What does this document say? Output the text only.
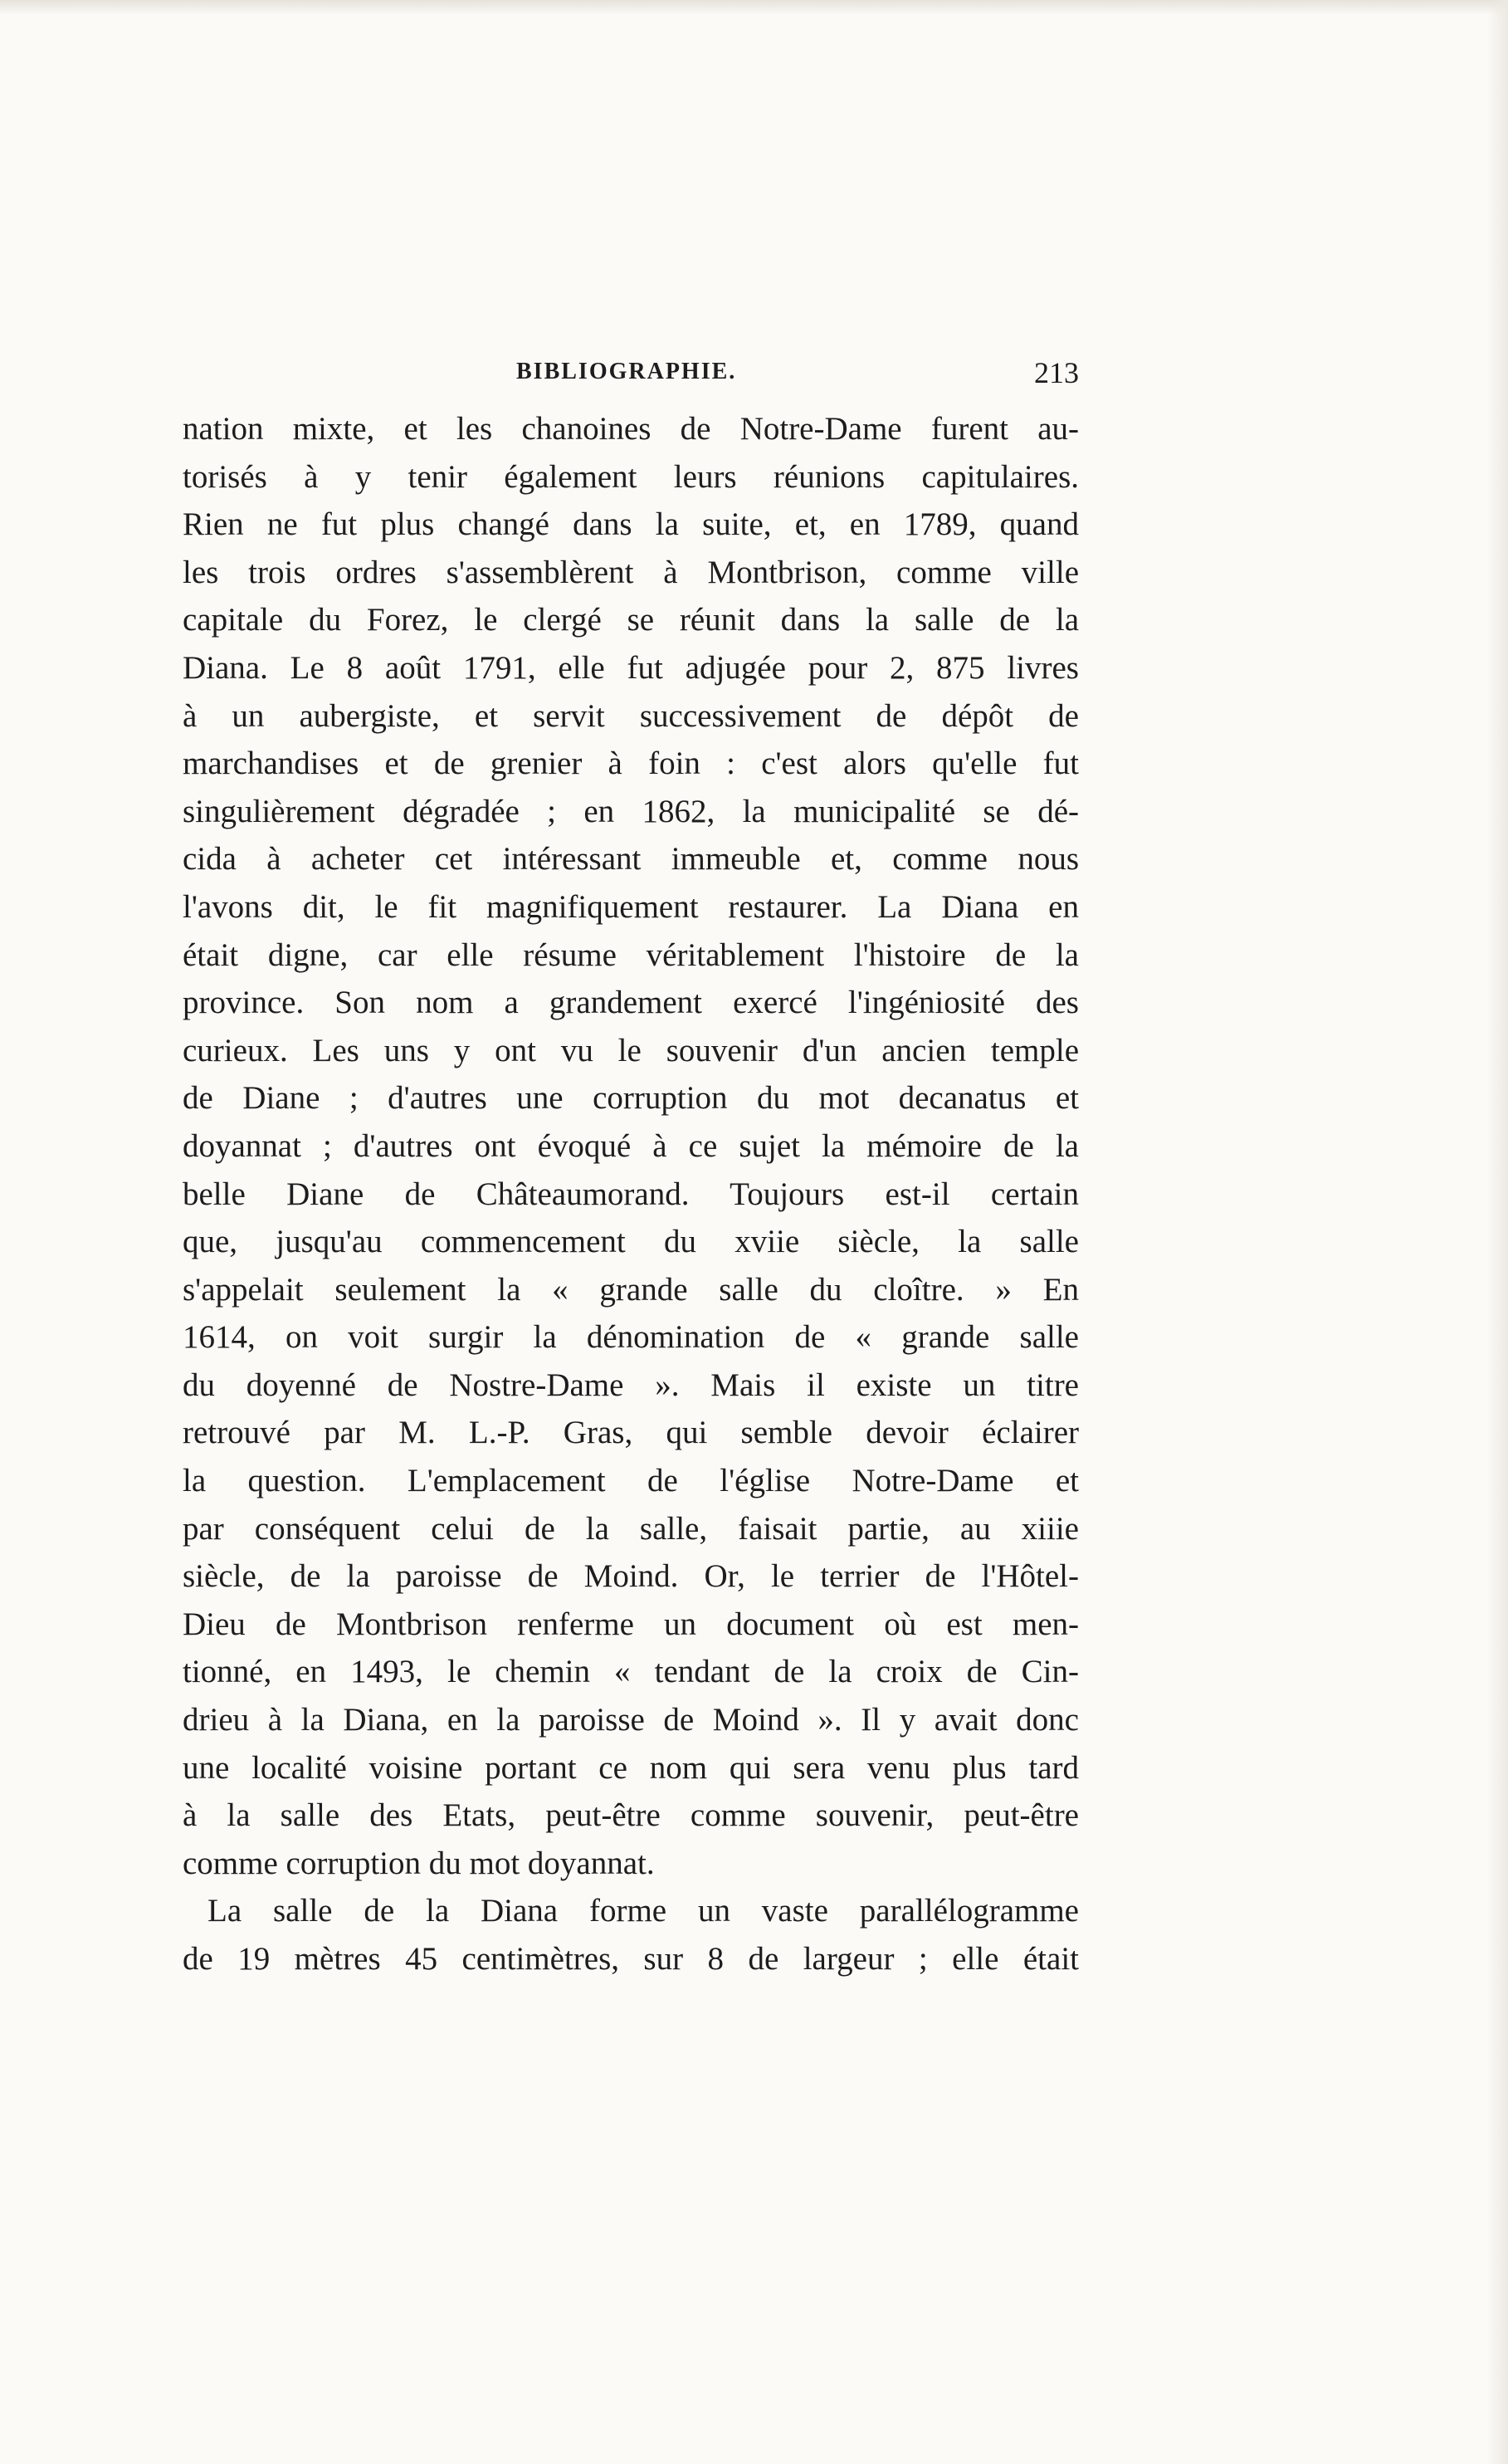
BIBLIOGRAPHIE.	213
nation mixte, et les chanoines de Notre-Dame furent au-
torisés à y tenir également leurs réunions capitulaires.
Rien ne fut plus changé dans la suite, et, en 1789, quand
les trois ordres s'assemblèrent à Montbrison, comme ville
capitale du Forez, le clergé se réunit dans la salle de la
Diana. Le 8 août 1791, elle fut adjugée pour 2, 875 livres
à un aubergiste, et servit successivement de dépôt de
marchandises et de grenier à foin : c'est alors qu'elle fut
singulièrement dégradée ; en 1862, la municipalité se dé-
cida à acheter cet intéressant immeuble et, comme nous
l'avons dit, le fit magnifiquement restaurer. La Diana en
était digne, car elle résume véritablement l'histoire de la
province. Son nom a grandement exercé l'ingéniosité des
curieux. Les uns y ont vu le souvenir d'un ancien temple
de Diane ; d'autres une corruption du mot decanatus et
doyannat ; d'autres ont évoqué à ce sujet la mémoire de la
belle Diane de Châteaumorand. Toujours est-il certain
que, jusqu'au commencement du xviie siècle, la salle
s'appelait seulement la « grande salle du cloître. » En
1614, on voit surgir la dénomination de « grande salle
du doyenné de Nostre-Dame ». Mais il existe un titre
retrouvé par M. L.-P. Gras, qui semble devoir éclairer
la question. L'emplacement de l'église Notre-Dame et
par conséquent celui de la salle, faisait partie, au xiiie
siècle, de la paroisse de Moind. Or, le terrier de l'Hôtel-
Dieu de Montbrison renferme un document où est men-
tionné, en 1493, le chemin « tendant de la croix de Cin-
drieu à la Diana, en la paroisse de Moind ». Il y avait donc
une localité voisine portant ce nom qui sera venu plus tard
à la salle des Etats, peut-être comme souvenir, peut-être
comme corruption du mot doyannat.
La salle de la Diana forme un vaste parallélogramme
de 19 mètres 45 centimètres, sur 8 de largeur ; elle était
